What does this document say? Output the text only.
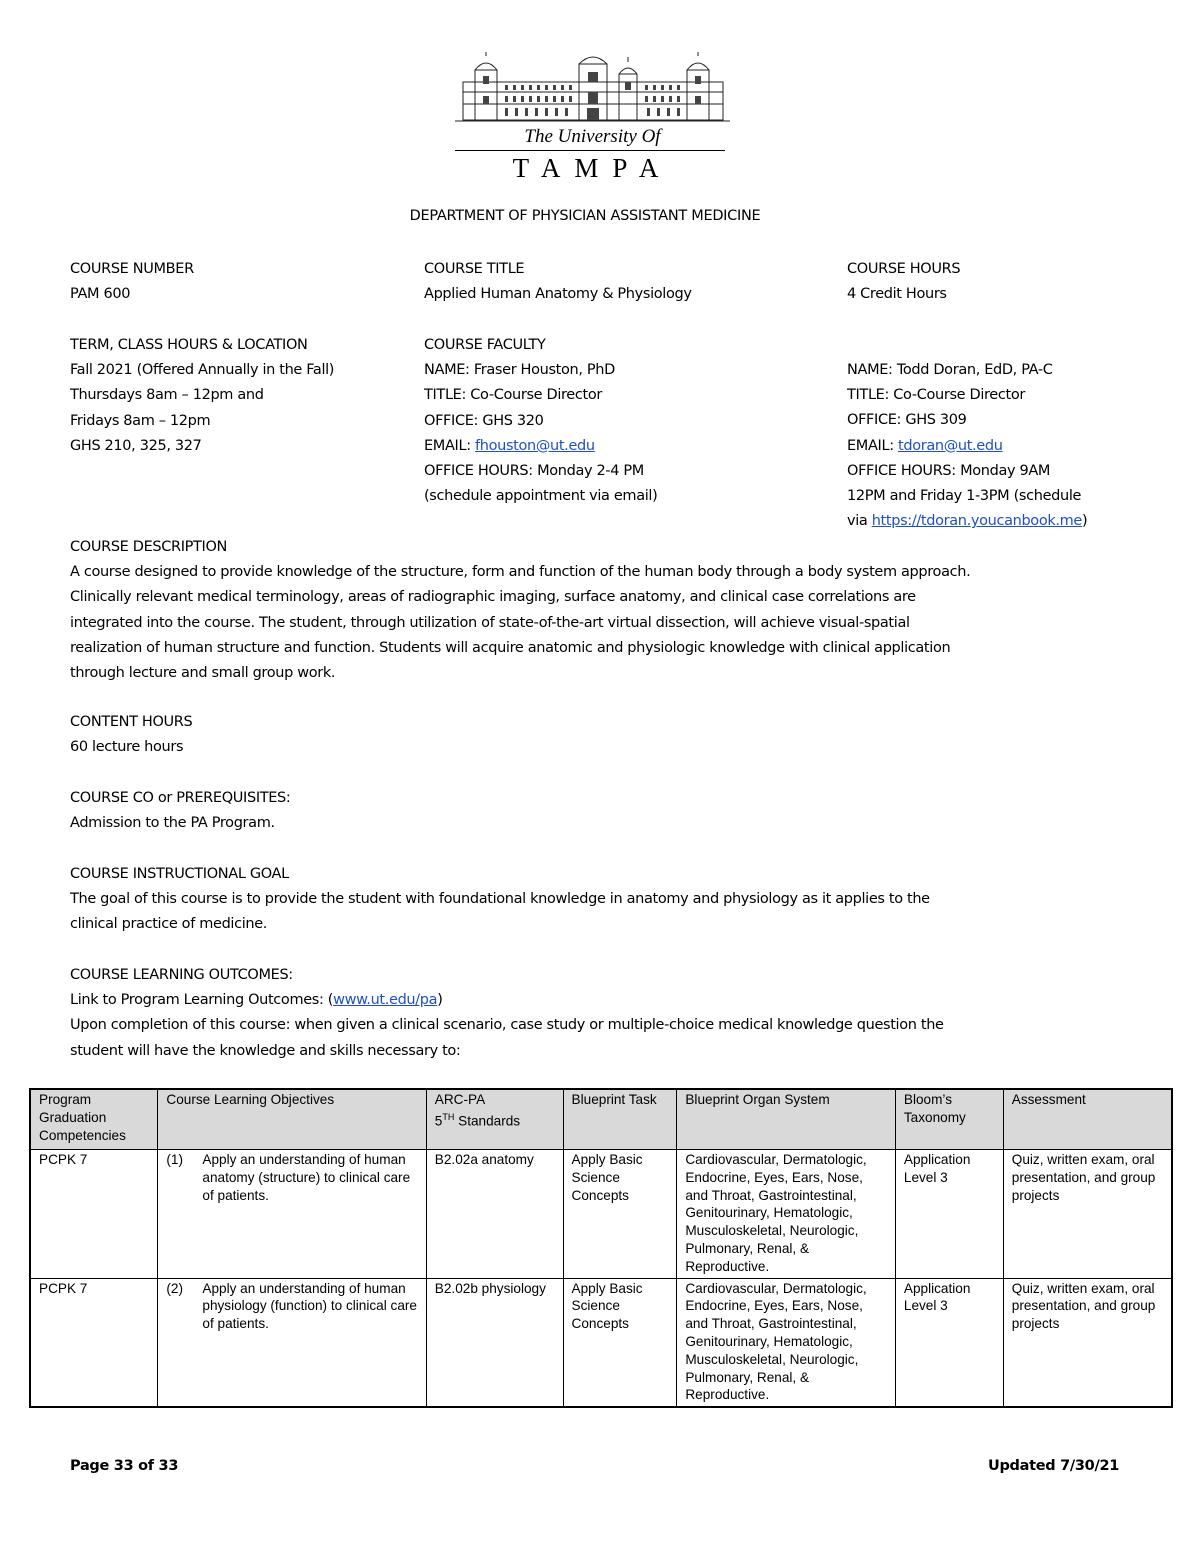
The University Of
TAMPA
DEPARTMENT OF PHYSICIAN ASSISTANT MEDICINE
COURSE NUMBER
PAM 600
TERM, CLASS HOURS & LOCATION
Fall 2021 (Offered Annually in the Fall)
Thursdays 8am – 12pm and
Fridays 8am – 12pm
GHS 210, 325, 327
COURSE TITLE
Applied Human Anatomy & Physiology
COURSE FACULTY
NAME: Fraser Houston, PhD
TITLE: Co-Course Director
OFFICE: GHS 320
EMAIL: fhouston@ut.edu
OFFICE HOURS: Monday 2-4 PM
(schedule appointment via email)
COURSE HOURS
4 Credit Hours
NAME: Todd Doran, EdD, PA-C
TITLE: Co-Course Director
OFFICE: GHS 309
EMAIL: tdoran@ut.edu
OFFICE HOURS: Monday 9AM
12PM and Friday 1-3PM (schedule
via https://tdoran.youcanbook.me)
COURSE DESCRIPTION
A course designed to provide knowledge of the structure, form and function of the human body through a body system approach.
Clinically relevant medical terminology, areas of radiographic imaging, surface anatomy, and clinical case correlations are
integrated into the course. The student, through utilization of state-of-the-art virtual dissection, will achieve visual-spatial
realization of human structure and function. Students will acquire anatomic and physiologic knowledge with clinical application
through lecture and small group work.
CONTENT HOURS
60 lecture hours
COURSE CO or PREREQUISITES:
Admission to the PA Program.
COURSE INSTRUCTIONAL GOAL
The goal of this course is to provide the student with foundational knowledge in anatomy and physiology as it applies to the
clinical practice of medicine.
COURSE LEARNING OUTCOMES:
Link to Program Learning Outcomes: (www.ut.edu/pa)
Upon completion of this course: when given a clinical scenario, case study or multiple-choice medical knowledge question the
student will have the knowledge and skills necessary to:
Program Graduation Competencies	Course Learning Objectives	ARC-PA
5TH Standards	Blueprint Task	Blueprint Organ System	Bloom’s Taxonomy	Assessment
PCPK 7	(1) Apply an understanding of human anatomy (structure) to clinical care of patients.	B2.02a anatomy	Apply Basic Science Concepts	Cardiovascular, Dermatologic, Endocrine, Eyes, Ears, Nose, and Throat, Gastrointestinal, Genitourinary, Hematologic, Musculoskeletal, Neurologic, Pulmonary, Renal, & Reproductive.	Application Level 3	Quiz, written exam, oral presentation, and group projects
PCPK 7	(2) Apply an understanding of human physiology (function) to clinical care of patients.	B2.02b physiology	Apply Basic Science Concepts	Cardiovascular, Dermatologic, Endocrine, Eyes, Ears, Nose, and Throat, Gastrointestinal, Genitourinary, Hematologic, Musculoskeletal, Neurologic, Pulmonary, Renal, & Reproductive.	Application Level 3	Quiz, written exam, oral presentation, and group projects
Page 33 of 33	Updated 7/30/21
